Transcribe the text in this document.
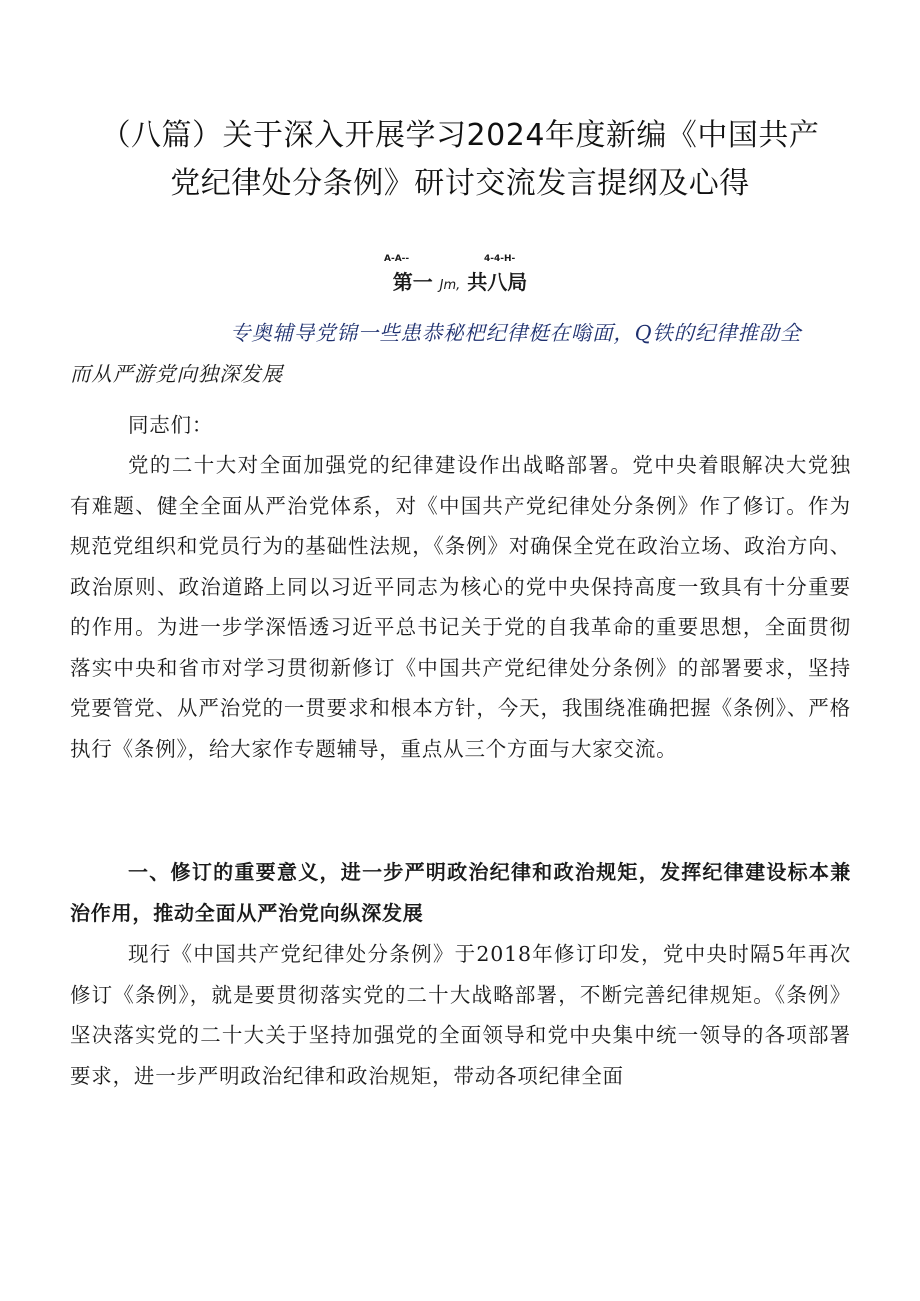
（八篇）关于深入开展学习2024年度新编《中国共产
党纪律处分条例》研讨交流发言提纲及心得
A-A--	4-4-H-
第一 Jm, 共八局
专奥辅导党锦一些患恭秘杷纪律梃在嗡面，Q铁的纪律推劭全
而从严游党向独深发展
同志们：
党的二十大对全面加强党的纪律建设作出战略部署。党中央着眼解决大党独有难题、健全全面从严治党体系，对《中国共产党纪律处分条例》作了修订。作为规范党组织和党员行为的基础性法规，《条例》对确保全党在政治立场、政治方向、政治原则、政治道路上同以习近平同志为核心的党中央保持高度一致具有十分重要的作用。为进一步学深悟透习近平总书记关于党的自我革命的重要思想，全面贯彻落实中央和省市对学习贯彻新修订《中国共产党纪律处分条例》的部署要求，坚持党要管党、从严治党的一贯要求和根本方针，今天，我围绕准确把握《条例》、严格执行《条例》，给大家作专题辅导，重点从三个方面与大家交流。
一、修订的重要意义，进一步严明政治纪律和政治规矩，发挥纪律建设标本兼治作用，推动全面从严治党向纵深发展
现行《中国共产党纪律处分条例》于2018年修订印发，党中央时隔5年再次修订《条例》，就是要贯彻落实党的二十大战略部署，不断完善纪律规矩。《条例》坚决落实党的二十大关于坚持加强党的全面领导和党中央集中统一领导的各项部署要求，进一步严明政治纪律和政治规矩，带动各项纪律全面
